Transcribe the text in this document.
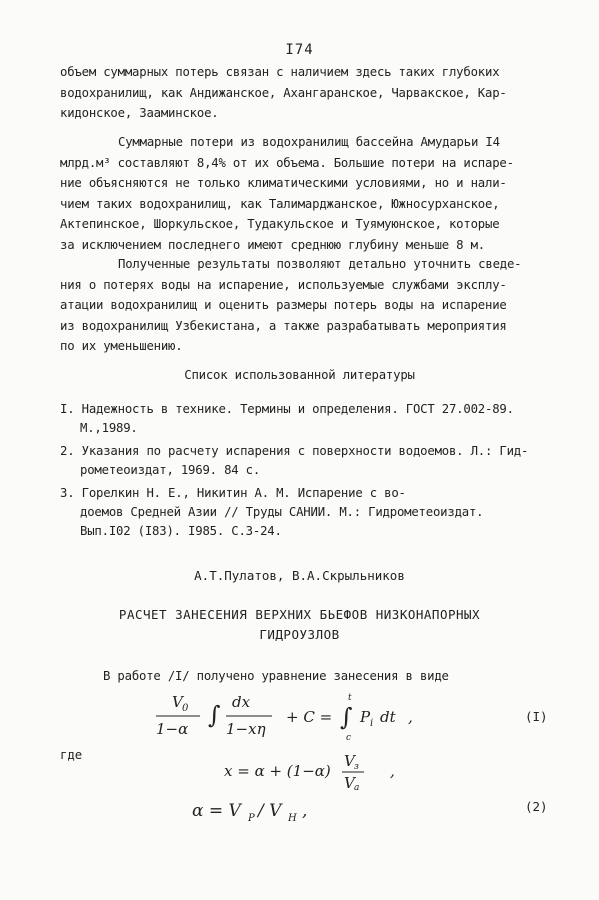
I74
объем суммарных потерь связан с наличием здесь таких глубоких
водохранилищ, как Андижанское, Ахангаранское, Чарвакское, Кар-
кидонское, Зааминское.
Суммарные потери из водохранилищ бассейна Амударьи I4
млрд.м³ составляют 8,4% от их объема. Большие потери на испаре-
ние объясняются не только климатическими условиями, но и нали-
чием таких водохранилищ, как Талимарджанское, Южносурханское,
Актепинское, Шоркульское, Тудакульское и Туямуюнское, которые
за исключением последнего имеют среднюю глубину меньше 8 м.
Полученные результаты позволяют детально уточнить сведе-
ния о потерях воды на испарение, используемые службами эксплу-
атации водохранилищ и оценить размеры потерь воды на испарение
из водохранилищ Узбекистана, а также разрабатывать мероприятия
по их уменьшению.
Список использованной литературы
I. Надежность в технике. Термины и определения. ГОСТ 27.002-89.
М.,1989.
2. Указания по расчету испарения с поверхности водоемов. Л.: Гид-
рометеоиздат, 1969. 84 с.
3. Горелкин Н. Е., Никитин А. М. Испарение с во-
доемов Средней Азии // Труды САНИИ. М.: Гидрометеоиздат.
Вып.I02 (I83). I985. С.3-24.
А.Т.Пулатов, В.А.Скрыльников
РАСЧЕТ ЗАНЕСЕНИЯ ВЕРХНИХ БЬЕФОВ НИЗКОНАПОРНЫХ
ГИДРОУЗЛОВ
В работе /I/ получено уравнение занесения в виде
V 0
1−α ∫ dx
1−xη
+ C = ∫
t
c
P i dt ,	(I)
где
x = α + (1−α)
V з
V a
,
α = V P / V H ,	(2)
